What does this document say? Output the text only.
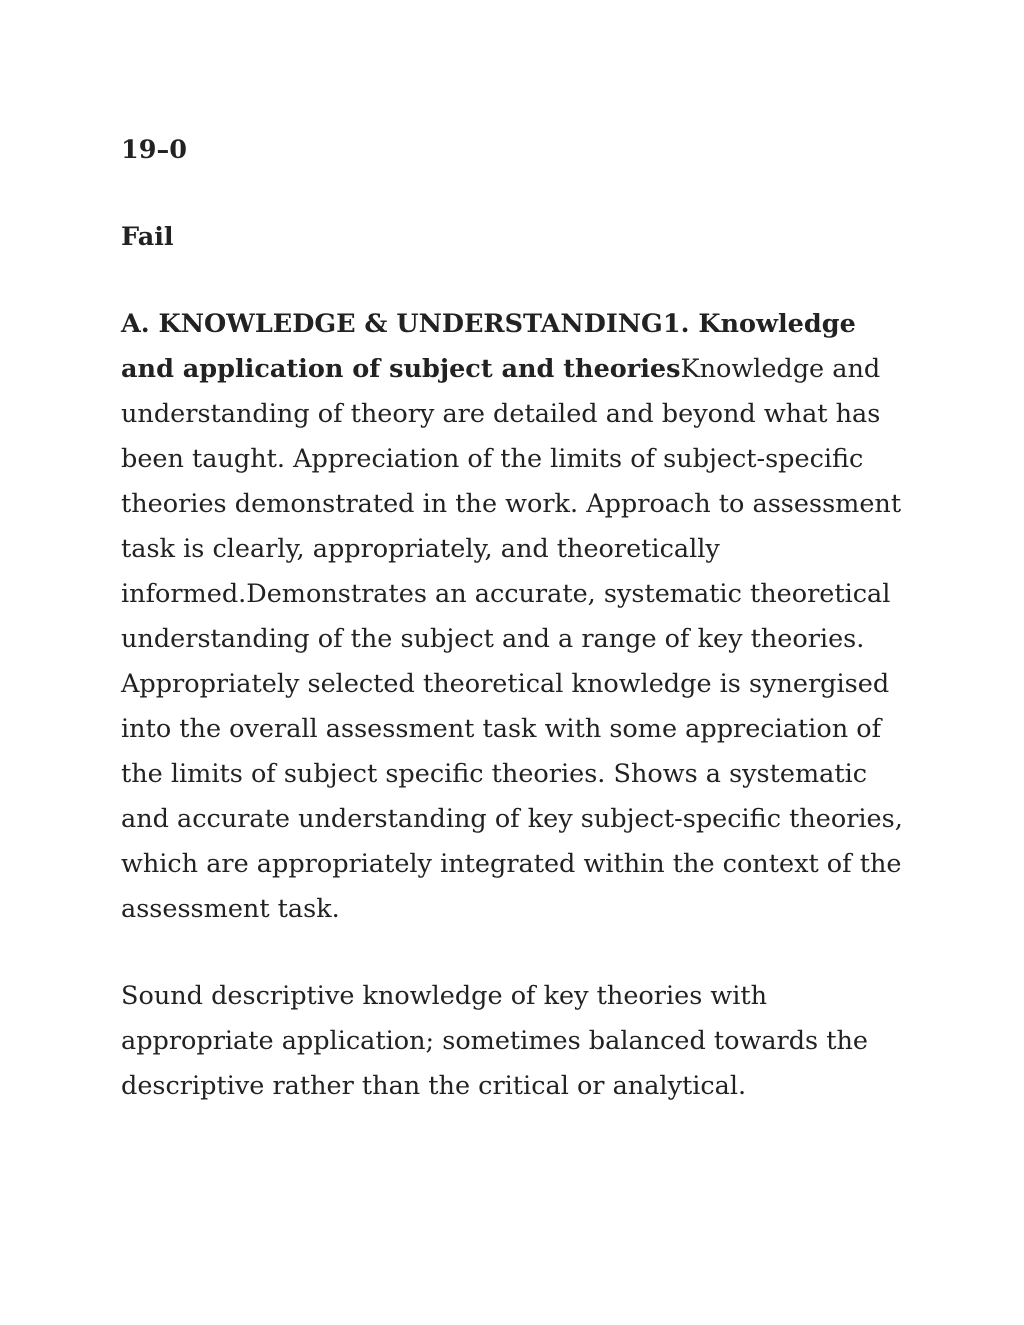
19–0

Fail

A. KNOWLEDGE & UNDERSTANDING1. Knowledge and application of subject and theoriesKnowledge and understanding of theory are detailed and beyond what has been taught. Appreciation of the limits of subject-specific theories demonstrated in the work. Approach to assessment task is clearly, appropriately, and theoretically informed.Demonstrates an accurate, systematic theoretical understanding of the subject and a range of key theories. Appropriately selected theoretical knowledge is synergised into the overall assessment task with some appreciation of the limits of subject specific theories. Shows a systematic and accurate understanding of key subject-specific theories, which are appropriately integrated within the context of the assessment task.

Sound descriptive knowledge of key theories with appropriate application; sometimes balanced towards the descriptive rather than the critical or analytical.
